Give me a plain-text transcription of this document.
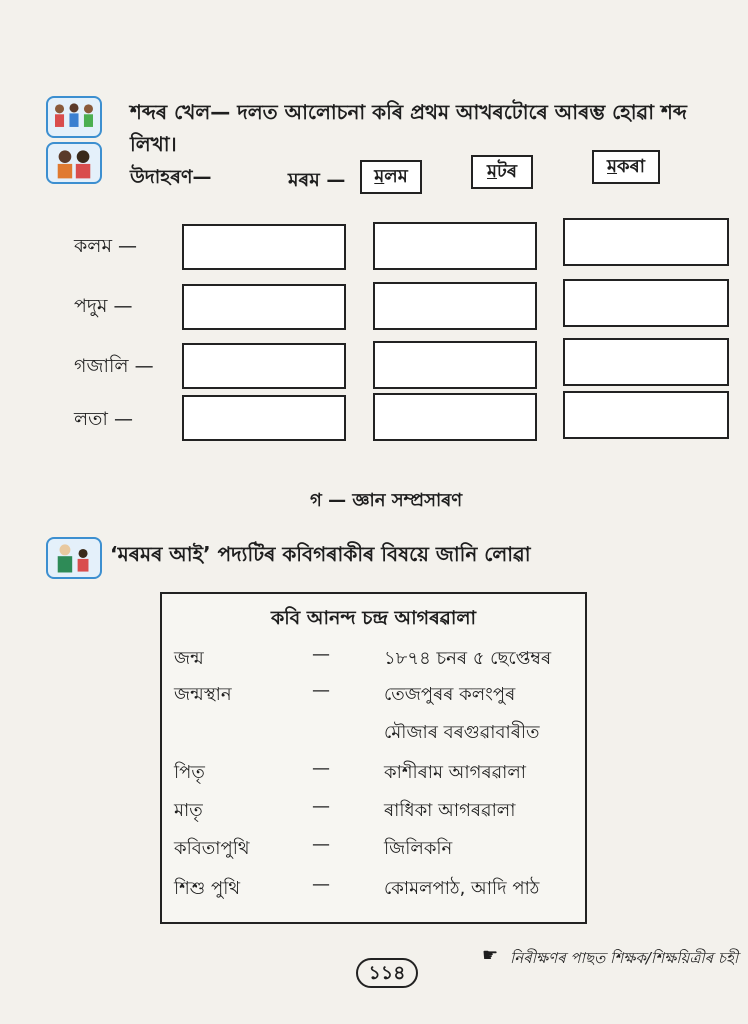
শব্দৰ খেল— দলত আলোচনা কৰি প্ৰথম আখৰটোৰে আৰম্ভ হোৱা শব্দ
লিখা।
উদাহৰণ—	মৰম —	মলম	মটৰ	মকৰা
কলম —
পদুম —
গজালি —
লতা —
গ — জ্ঞান সম্প্ৰসাৰণ
‘মৰমৰ আই’ পদ্যটিৰ কবিগৰাকীৰ বিষয়ে জানি লোৱা
কবি আনন্দ চন্দ্ৰ আগৰৱালা
জন্ম	—	১৮৭৪ চনৰ ৫ ছেপ্তেম্বৰ
জন্মস্থান	—	তেজপুৰৰ কলংপুৰ
মৌজাৰ বৰগুৱাবাৰীত
পিতৃ	—	কাশীৰাম আগৰৱালা
মাতৃ	—	ৰাধিকা আগৰৱালা
কবিতাপুথি	—	জিলিকনি
শিশু পুথি	—	কোমলপাঠ, আদি পাঠ
☛ নিৰীক্ষণৰ পাছত শিক্ষক/শিক্ষয়িত্ৰীৰ চহী
১১৪
